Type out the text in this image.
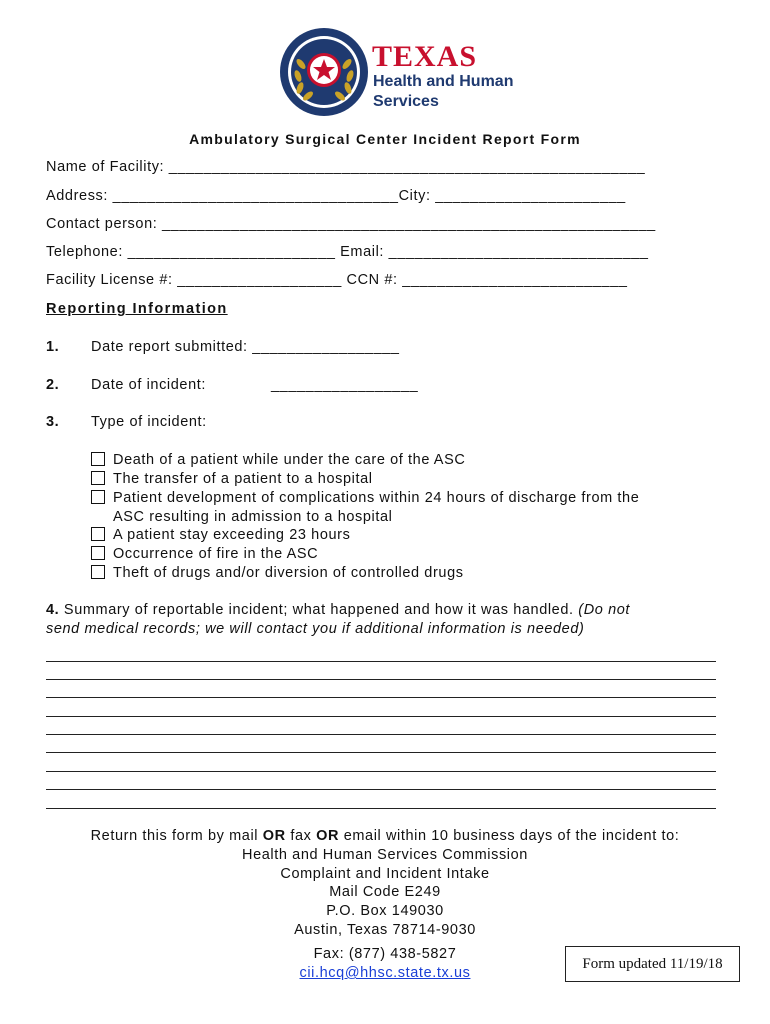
TEXAS
Health and Human
Services
Ambulatory Surgical Center Incident Report Form
Name of Facility: _______________________________________________________
Address: _________________________________City: ______________________
Contact person: _________________________________________________________
Telephone: ________________________ Email: ______________________________
Facility License #: ___________________ CCN #: __________________________
Reporting Information
1. Date report submitted: _________________
2. Date of incident:	_________________
3. Type of incident:
Death of a patient while under the care of the ASC
The transfer of a patient to a hospital
Patient development of complications within 24 hours of discharge from the
ASC resulting in admission to a hospital
A patient stay exceeding 23 hours
Occurrence of fire in the ASC
Theft of drugs and/or diversion of controlled drugs
4. Summary of reportable incident; what happened and how it was handled. (Do not
send medical records; we will contact you if additional information is needed)
Return this form by mail OR fax OR email within 10 business days of the incident to:
Health and Human Services Commission
Complaint and Incident Intake
Mail Code E249
P.O. Box 149030
Austin, Texas 78714-9030
Fax: (877) 438-5827
cii.hcq@hhsc.state.tx.us
Form updated 11/19/18
